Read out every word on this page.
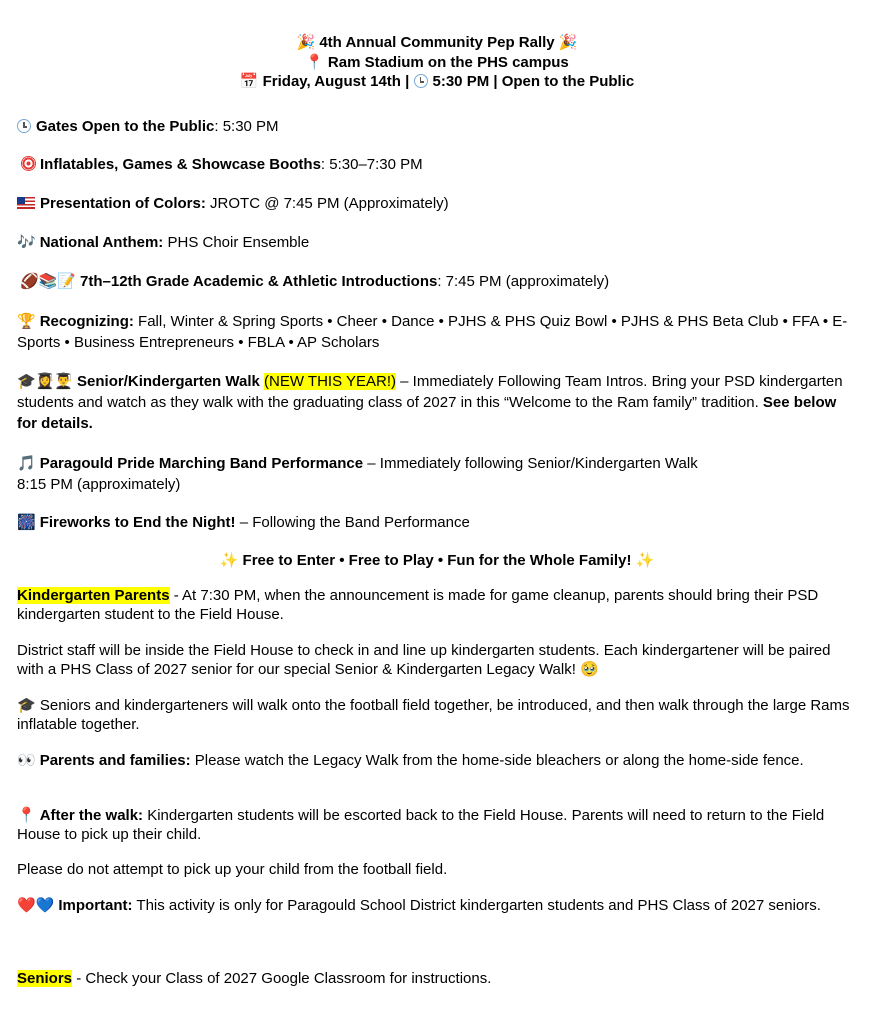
🎉 4th Annual Community Pep Rally 🎉
📍 Ram Stadium on the PHS campus
📅 Friday, August 14th | 5:30 PM | Open to the Public
Gates Open to the Public: 5:30 PM
Inflatables, Games & Showcase Booths: 5:30–7:30 PM
Presentation of Colors: JROTC @ 7:45 PM (Approximately)
🎶 National Anthem: PHS Choir Ensemble
🏈📚📝 7th–12th Grade Academic & Athletic Introductions: 7:45 PM (approximately)
🏆 Recognizing: Fall, Winter & Spring Sports • Cheer • Dance • PJHS & PHS Quiz Bowl • PJHS & PHS Beta Club • FFA • E-Sports • Business Entrepreneurs • FBLA • AP Scholars
🎓👩‍🎓👨‍🎓 Senior/Kindergarten Walk (NEW THIS YEAR!) – Immediately Following Team Intros. Bring your PSD kindergarten students and watch as they walk with the graduating class of 2027 in this “Welcome to the Ram family” tradition. See below for details.
🎵 Paragould Pride Marching Band Performance – Immediately following Senior/Kindergarten Walk
8:15 PM (approximately)
🎆 Fireworks to End the Night! – Following the Band Performance
✨ Free to Enter • Free to Play • Fun for the Whole Family! ✨
Kindergarten Parents - At 7:30 PM, when the announcement is made for game cleanup, parents should bring their PSD kindergarten student to the Field House.
District staff will be inside the Field House to check in and line up kindergarten students. Each kindergartener will be paired with a PHS Class of 2027 senior for our special Senior & Kindergarten Legacy Walk! 🥹
🎓 Seniors and kindergarteners will walk onto the football field together, be introduced, and then walk through the large Rams inflatable together.
👀 Parents and families: Please watch the Legacy Walk from the home-side bleachers or along the home-side fence.
📍 After the walk: Kindergarten students will be escorted back to the Field House. Parents will need to return to the Field House to pick up their child.
Please do not attempt to pick up your child from the football field.
❤️💙 Important: This activity is only for Paragould School District kindergarten students and PHS Class of 2027 seniors.
Seniors - Check your Class of 2027 Google Classroom for instructions.
